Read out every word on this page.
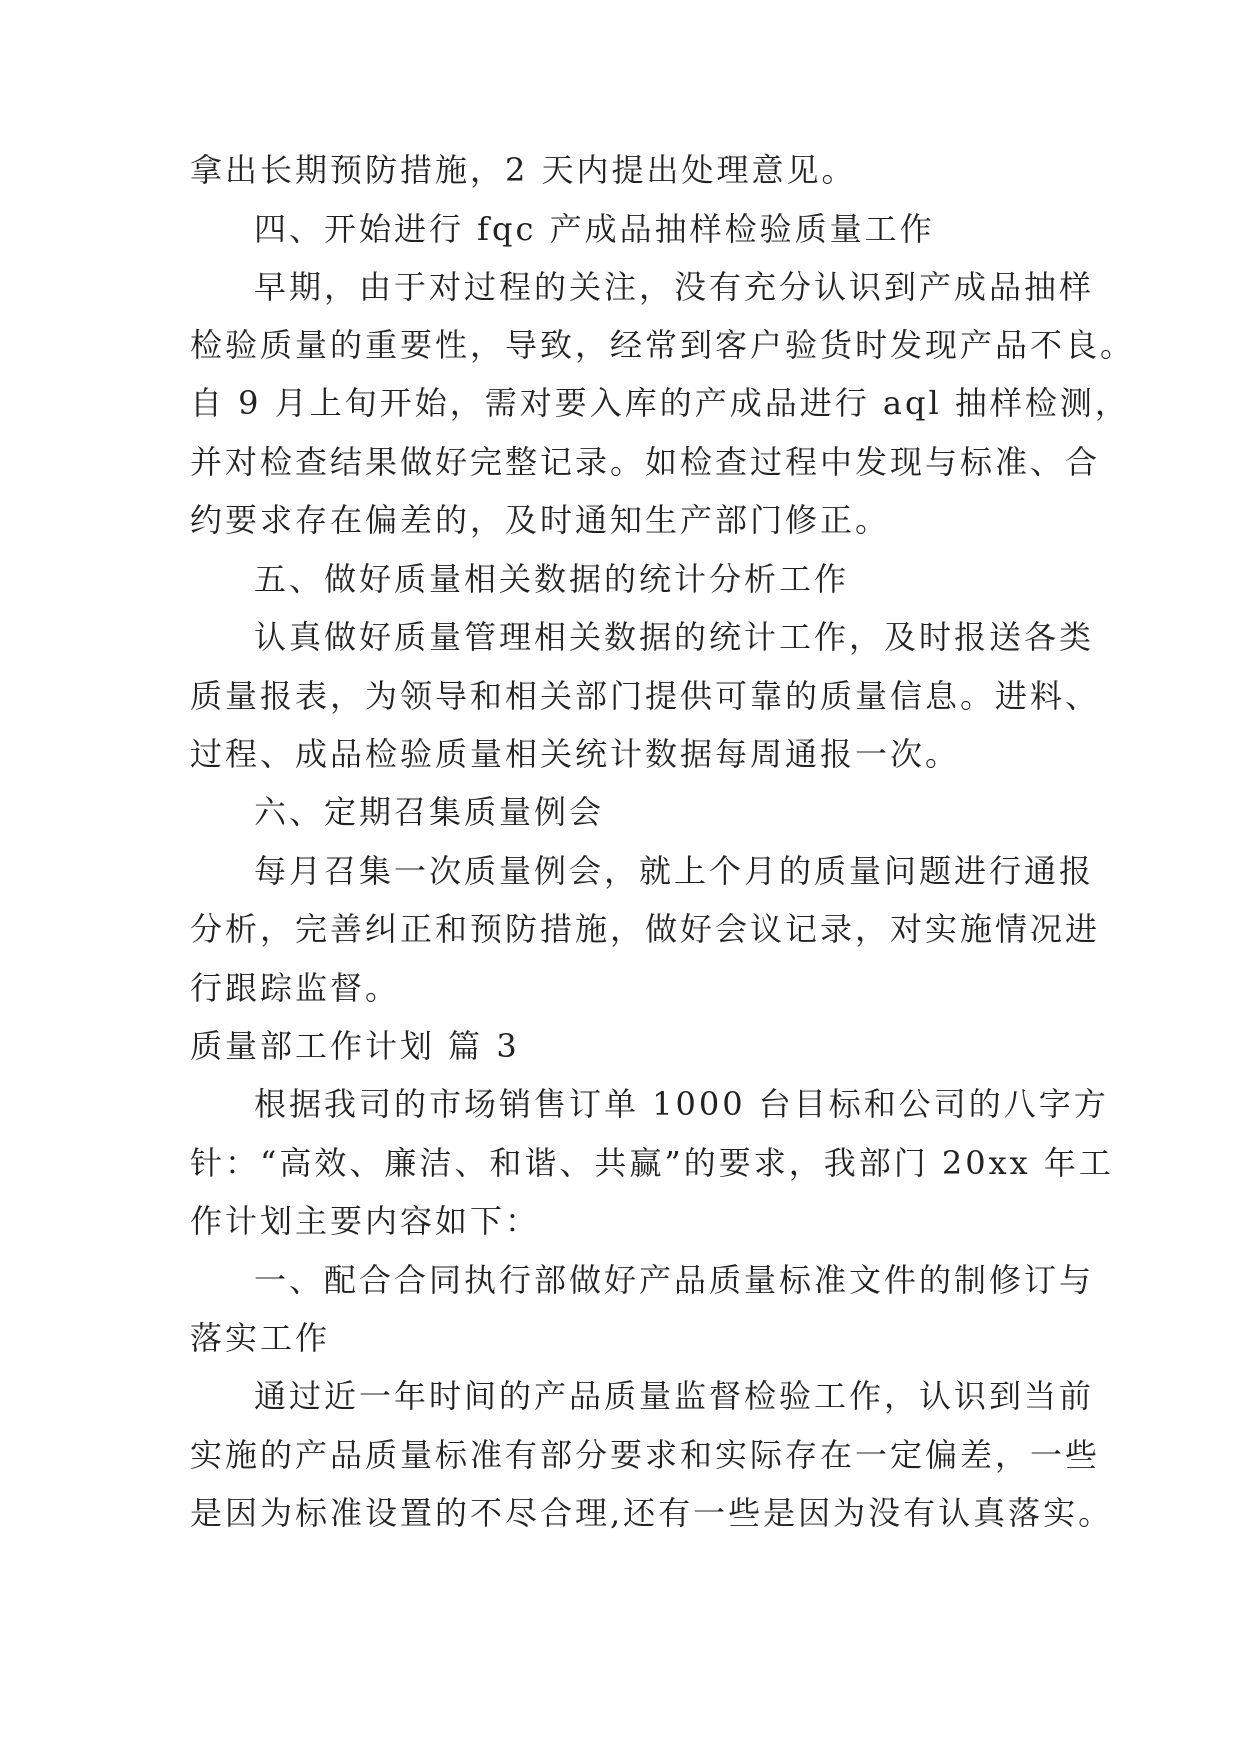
拿出长期预防措施，2 天内提出处理意见。
四、开始进行 fqc 产成品抽样检验质量工作
早期，由于对过程的关注，没有充分认识到产成品抽样
检验质量的重要性，导致，经常到客户验货时发现产品不良。
自 9 月上旬开始，需对要入库的产成品进行 aql 抽样检测，
并对检查结果做好完整记录。如检查过程中发现与标准、合
约要求存在偏差的，及时通知生产部门修正。
五、做好质量相关数据的统计分析工作
认真做好质量管理相关数据的统计工作，及时报送各类
质量报表，为领导和相关部门提供可靠的质量信息。进料、
过程、成品检验质量相关统计数据每周通报一次。
六、定期召集质量例会
每月召集一次质量例会，就上个月的质量问题进行通报
分析，完善纠正和预防措施，做好会议记录，对实施情况进
行跟踪监督。
质量部工作计划 篇 3
根据我司的市场销售订单 1000 台目标和公司的八字方
针：“高效、廉洁、和谐、共赢”的要求，我部门 20xx 年工
作计划主要内容如下：
一、配合合同执行部做好产品质量标准文件的制修订与
落实工作
通过近一年时间的产品质量监督检验工作，认识到当前
实施的产品质量标准有部分要求和实际存在一定偏差，一些
是因为标准设置的不尽合理,还有一些是因为没有认真落实。
